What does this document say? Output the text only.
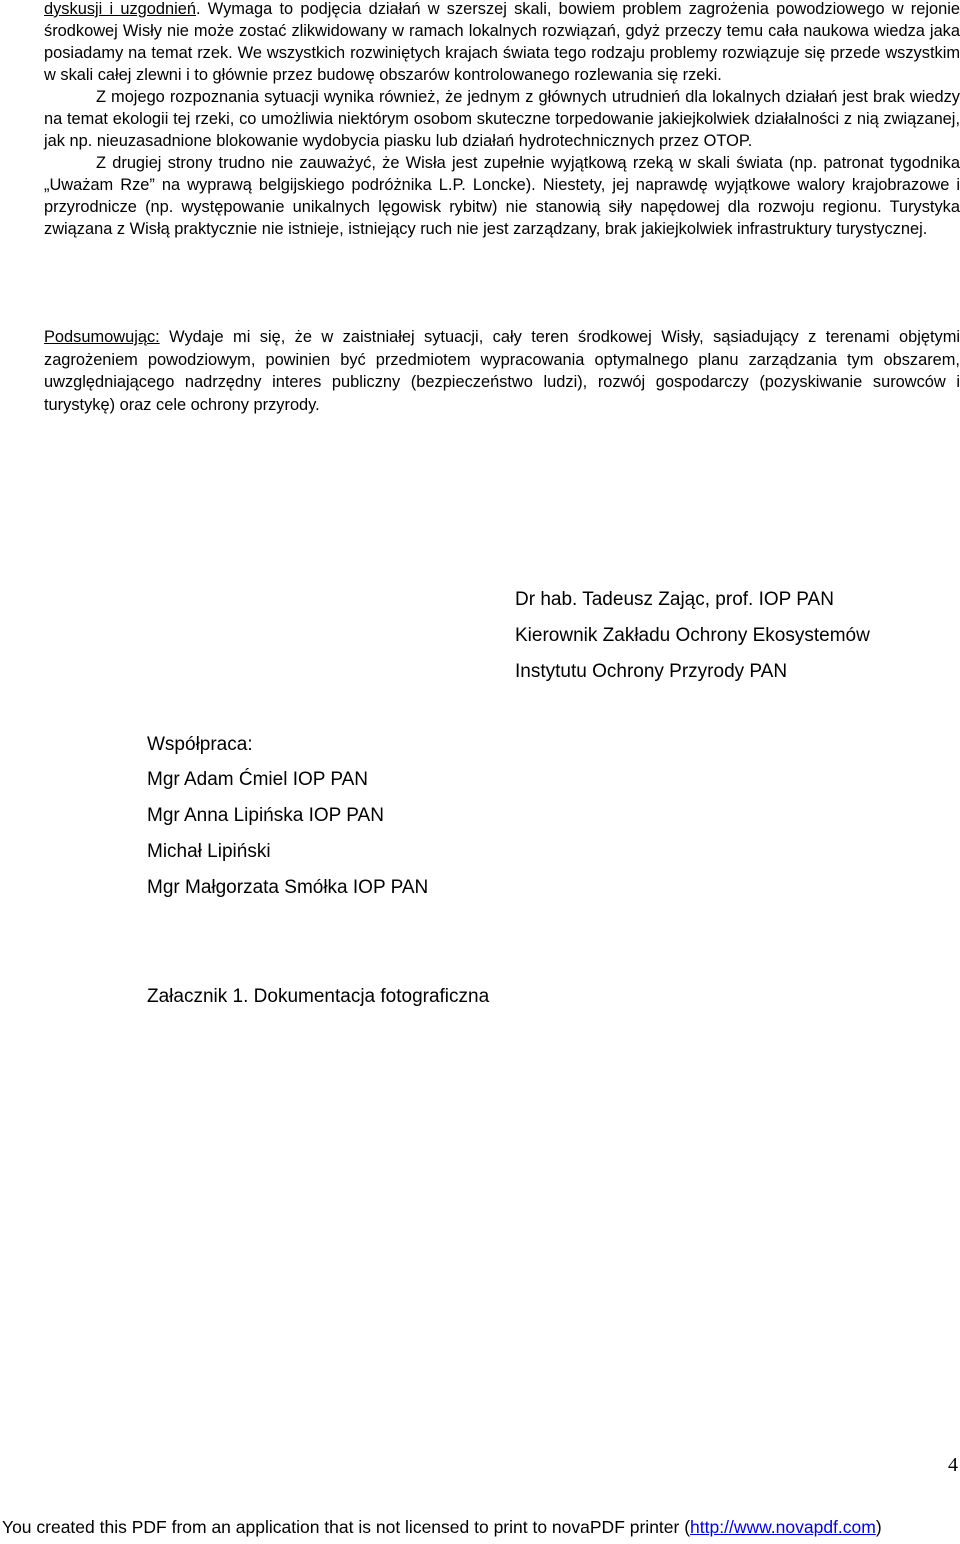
dyskusji i uzgodnień. Wymaga to podjęcia działań w szerszej skali, bowiem problem zagrożenia powodziowego w rejonie środkowej Wisły nie może zostać zlikwidowany w ramach lokalnych rozwiązań, gdyż przeczy temu cała naukowa wiedza jaka posiadamy na temat rzek. We wszystkich rozwiniętych krajach świata tego rodzaju problemy rozwiązuje się przede wszystkim w skali całej zlewni i to głównie przez budowę obszarów kontrolowanego rozlewania się rzeki.
Z mojego rozpoznania sytuacji wynika również, że jednym z głównych utrudnień dla lokalnych działań jest brak wiedzy na temat ekologii tej rzeki, co umożliwia niektórym osobom skuteczne torpedowanie jakiejkolwiek działalności z nią związanej, jak np. nieuzasadnione blokowanie wydobycia piasku lub działań hydrotechnicznych przez OTOP.
Z drugiej strony trudno nie zauważyć, że Wisła jest zupełnie wyjątkową rzeką w skali świata (np. patronat tygodnika „Uważam Rze” na wyprawą belgijskiego podróżnika L.P. Loncke). Niestety, jej naprawdę wyjątkowe walory krajobrazowe i przyrodnicze (np. występowanie unikalnych lęgowisk rybitw) nie stanowią siły napędowej dla rozwoju regionu. Turystyka związana z Wisłą praktycznie nie istnieje, istniejący ruch nie jest zarządzany, brak jakiejkolwiek infrastruktury turystycznej.
Podsumowując: Wydaje mi się, że w zaistniałej sytuacji, cały teren środkowej Wisły, sąsiadujący z terenami objętymi zagrożeniem powodziowym, powinien być przedmiotem wypracowania optymalnego planu zarządzania tym obszarem, uwzględniającego nadrzędny interes publiczny (bezpieczeństwo ludzi), rozwój gospodarczy (pozyskiwanie surowców i turystykę) oraz cele ochrony przyrody.
Dr hab. Tadeusz Zając, prof. IOP PAN
Kierownik Zakładu Ochrony Ekosystemów
Instytutu Ochrony Przyrody PAN
Współpraca:
Mgr Adam Ćmiel IOP PAN
Mgr Anna Lipińska IOP PAN
Michał Lipiński
Mgr Małgorzata Smółka IOP PAN
Załacznik 1. Dokumentacja fotograficzna
4
You created this PDF from an application that is not licensed to print to novaPDF printer (http://www.novapdf.com)
